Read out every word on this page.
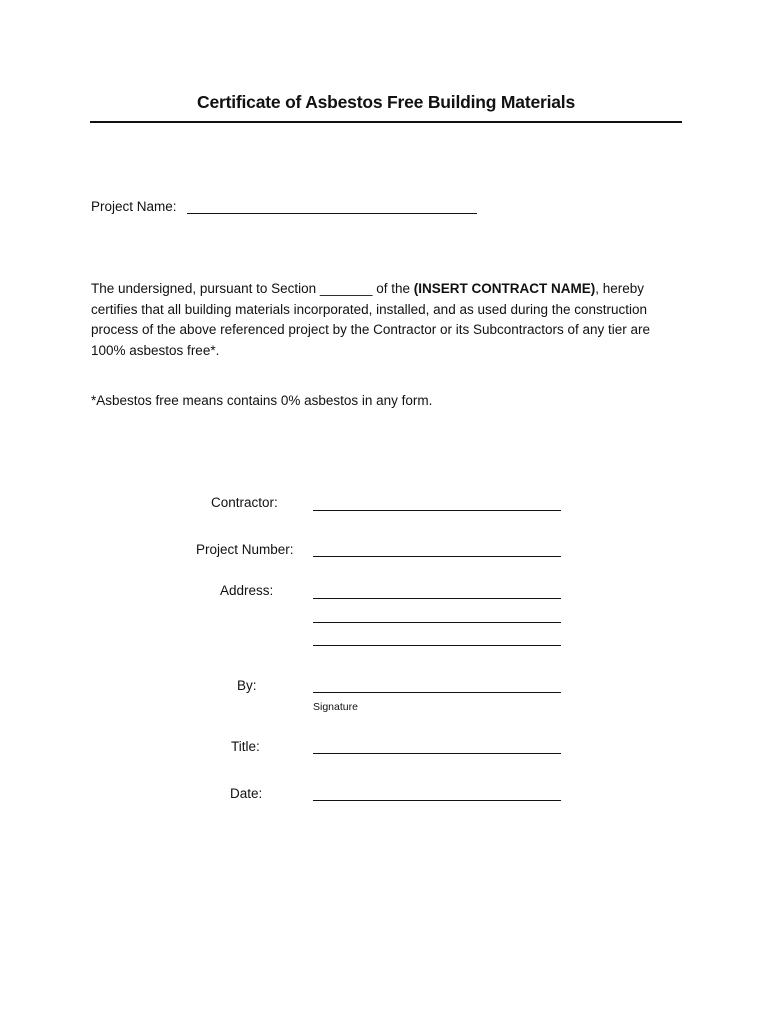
Certificate of Asbestos Free Building Materials
Project Name:
The undersigned, pursuant to Section _______ of the (INSERT CONTRACT NAME), hereby certifies that all building materials incorporated, installed, and as used during the construction process of the above referenced project by the Contractor or its Subcontractors of any tier are 100% asbestos free*.
*Asbestos free means contains 0% asbestos in any form.
Contractor:
Project Number:
Address:
By:
Signature
Title:
Date:
